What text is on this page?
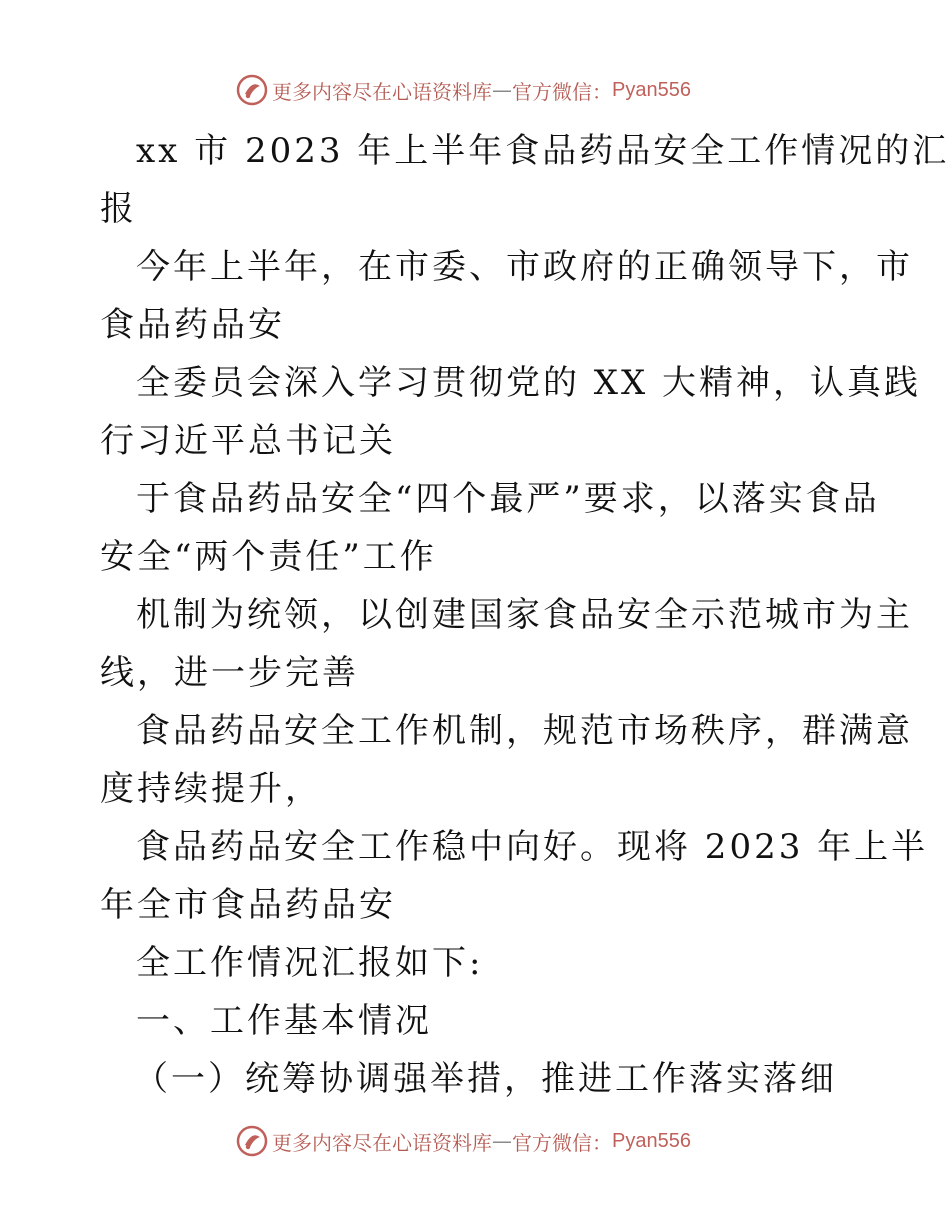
更多内容尽在心语资料库 — 官方微信： Pyan556
xx 市 2023 年上半年食品药品安全工作情况的汇
报
今年上半年，在市委、市政府的正确领导下，市
食品药品安
全委员会深入学习贯彻党的 XX 大精神，认真践
行习近平总书记关
于食品药品安全“四个最严”要求，以落实食品
安全“两个责任”工作
机制为统领，以创建国家食品安全示范城市为主
线，进一步完善
食品药品安全工作机制，规范市场秩序，群满意
度持续提升，
食品药品安全工作稳中向好。现将 2023 年上半
年全市食品药品安
全工作情况汇报如下:
一、工作基本情况
（一）统筹协调强举措，推进工作落实落细
更多内容尽在心语资料库 — 官方微信： Pyan556
